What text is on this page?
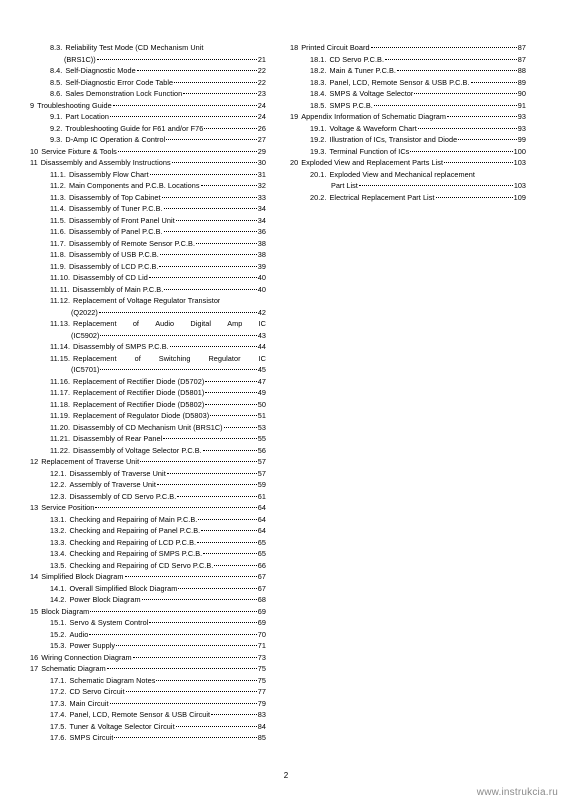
8.3. Reliability Test Mode (CD Mechanism Unit
(BRS1C))	21
8.4. Self-Diagnostic Mode	22
8.5. Self-Diagnostic Error Code Table	22
8.6. Sales Demonstration Lock Function	23
9 Troubleshooting Guide	24
9.1. Part Location	24
9.2. Troubleshooting Guide for F61 and/or F76	26
9.3. D-Amp IC Operation & Control	27
10 Service Fixture & Tools	29
11 Disassembly and Assembly Instructions	30
11.1. Disassembly Flow Chart	31
11.2. Main Components and P.C.B. Locations	32
11.3. Disassembly of Top Cabinet	33
11.4. Disassembly of Tuner P.C.B.	34
11.5. Disassembly of Front Panel Unit	34
11.6. Disassembly of Panel P.C.B.	36
11.7. Disassembly of Remote Sensor P.C.B.	38
11.8. Disassembly of USB P.C.B.	38
11.9. Disassembly of LCD P.C.B.	39
11.10. Disassembly of CD Lid	40
11.11. Disassembly of Main P.C.B.	40
11.12. Replacement of Voltage Regulator Transistor
(Q2022)	42
11.13. Replacement of Audio Digital Amp IC
(IC5902)	43
11.14. Disassembly of SMPS P.C.B.	44
11.15. Replacement of Switching Regulator IC
(IC5701)	45
11.16. Replacement of Rectifier Diode (D5702)	47
11.17. Replacement of Rectifier Diode (D5801)	49
11.18. Replacement of Rectifier Diode (D5802)	50
11.19. Replacement of Regulator Diode (D5803)	51
11.20. Disassembly of CD Mechanism Unit (BRS1C)	53
11.21. Disassembly of Rear Panel	55
11.22. Disassembly of Voltage Selector P.C.B.	56
12 Replacement of Traverse Unit	57
12.1. Disassembly of Traverse Unit	57
12.2. Assembly of Traverse Unit	59
12.3. Disassembly of CD Servo P.C.B.	61
13 Service Position	64
13.1. Checking and Repairing of Main P.C.B.	64
13.2. Checking and Repairing of Panel P.C.B.	64
13.3. Checking and Repairing of LCD P.C.B.	65
13.4. Checking and Repairing of SMPS P.C.B.	65
13.5. Checking and Repairing of CD Servo P.C.B.	66
14 Simplified Block Diagram	67
14.1. Overall Simplified Block Diagram	67
14.2. Power Block Diagram	68
15 Block Diagram	69
15.1. Servo & System Control	69
15.2. Audio	70
15.3. Power Supply	71
16 Wiring Connection Diagram	73
17 Schematic Diagram	75
17.1. Schematic Diagram Notes	75
17.2. CD Servo Circuit	77
17.3. Main Circuit	79
17.4. Panel, LCD, Remote Sensor & USB Circuit	83
17.5. Tuner & Voltage Selector Circuit	84
17.6. SMPS Circuit	85
18 Printed Circuit Board	87
18.1. CD Servo P.C.B.	87
18.2. Main & Tuner P.C.B.	88
18.3. Panel, LCD, Remote Sensor & USB P.C.B.	89
18.4. SMPS & Voltage Selector	90
18.5. SMPS P.C.B.	91
19 Appendix Information of Schematic Diagram	93
19.1. Voltage & Waveform Chart	93
19.2. Illustration of ICs, Transistor and Diode	99
19.3. Terminal Function of ICs	100
20 Exploded View and Replacement Parts List	103
20.1. Exploded View and Mechanical replacement
Part List	103
20.2. Electrical Replacement Part List	109
2
www.instrukcia.ru
